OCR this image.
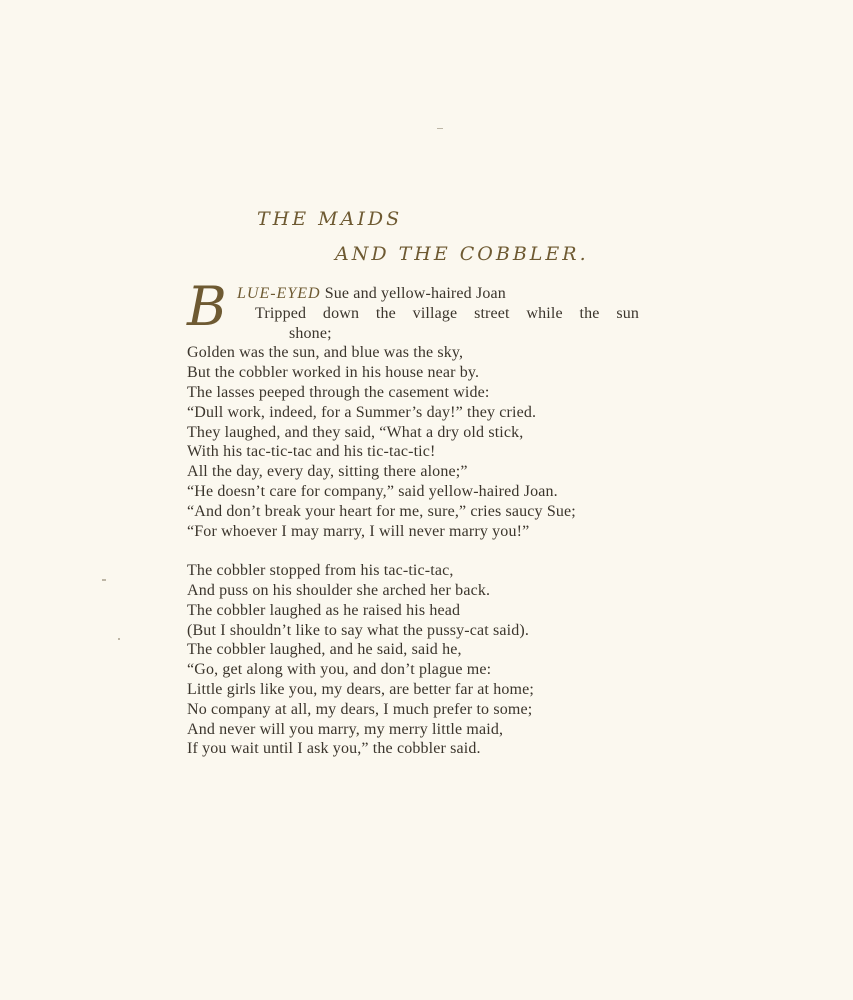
THE MAIDS
AND THE COBBLER.
B LUE-EYED Sue and yellow-haired Joan
Tripped down the village street while the sun
shone;
Golden was the sun, and blue was the sky,
But the cobbler worked in his house near by.
The lasses peeped through the casement wide:
“Dull work, indeed, for a Summer’s day!” they cried.
They laughed, and they said, “What a dry old stick,
With his tac-tic-tac and his tic-tac-tic!
All the day, every day, sitting there alone;”
“He doesn’t care for company,” said yellow-haired Joan.
“And don’t break your heart for me, sure,” cries saucy Sue;
“For whoever I may marry, I will never marry you!”
The cobbler stopped from his tac-tic-tac,
And puss on his shoulder she arched her back.
The cobbler laughed as he raised his head
(But I shouldn’t like to say what the pussy-cat said).
The cobbler laughed, and he said, said he,
“Go, get along with you, and don’t plague me:
Little girls like you, my dears, are better far at home;
No company at all, my dears, I much prefer to some;
And never will you marry, my merry little maid,
If you wait until I ask you,” the cobbler said.
